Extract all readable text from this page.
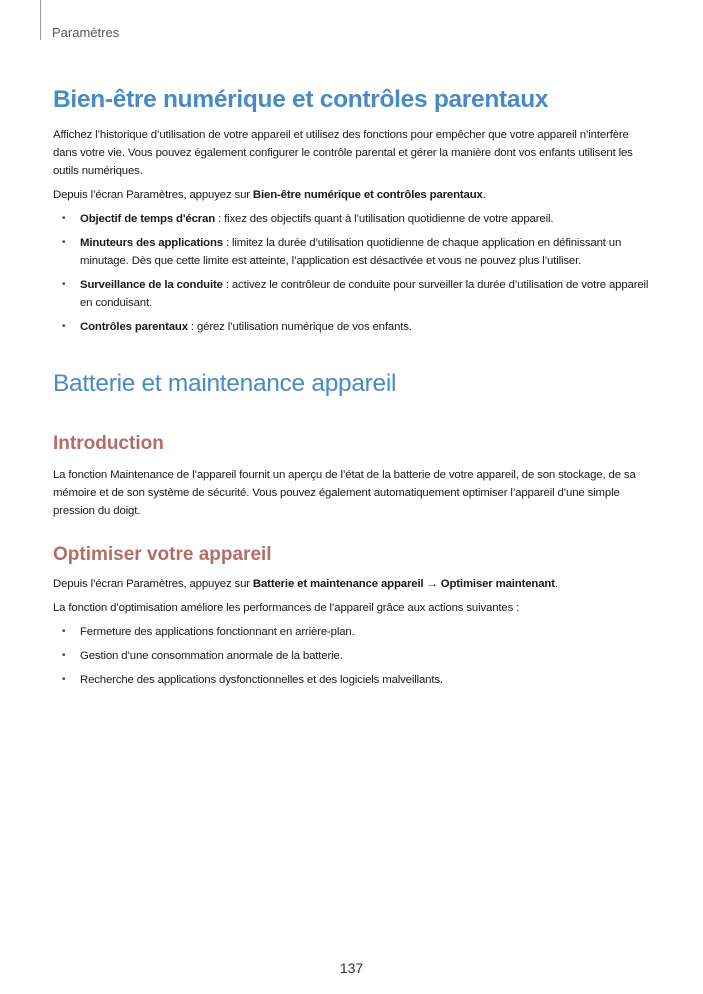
Paramètres
Bien-être numérique et contrôles parentaux

Affichez l’historique d’utilisation de votre appareil et utilisez des fonctions pour empêcher que votre appareil n’interfère dans votre vie. Vous pouvez également configurer le contrôle parental et gérer la manière dont vos enfants utilisent les outils numériques.

Depuis l’écran Paramètres, appuyez sur Bien-être numérique et contrôles parentaux.

• Objectif de temps d'écran : fixez des objectifs quant à l’utilisation quotidienne de votre appareil.
• Minuteurs des applications : limitez la durée d’utilisation quotidienne de chaque application en définissant un minutage. Dès que cette limite est atteinte, l’application est désactivée et vous ne pouvez plus l’utiliser.
• Surveillance de la conduite : activez le contrôleur de conduite pour surveiller la durée d’utilisation de votre appareil en conduisant.
• Contrôles parentaux : gérez l’utilisation numérique de vos enfants.
Batterie et maintenance appareil
Introduction

La fonction Maintenance de l’appareil fournit un aperçu de l’état de la batterie de votre appareil, de son stockage, de sa mémoire et de son système de sécurité. Vous pouvez également automatiquement optimiser l’appareil d’une simple pression du doigt.

Optimiser votre appareil

Depuis l’écran Paramètres, appuyez sur Batterie et maintenance appareil → Optimiser maintenant.

La fonction d’optimisation améliore les performances de l’appareil grâce aux actions suivantes :

• Fermeture des applications fonctionnant en arrière-plan.
• Gestion d’une consommation anormale de la batterie.
• Recherche des applications dysfonctionnelles et des logiciels malveillants.
137
